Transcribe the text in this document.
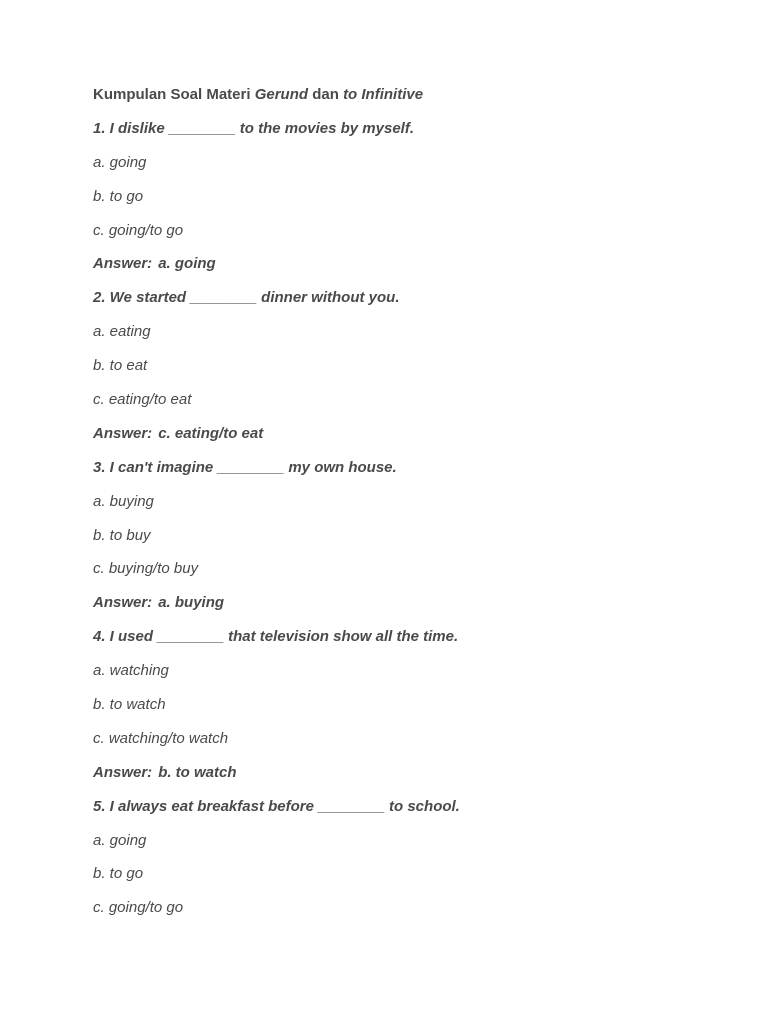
Kumpulan Soal Materi Gerund dan to Infinitive
1. I dislike ________ to the movies by myself.
a. going
b. to go
c. going/to go
Answer: a. going
2. We started ________ dinner without you.
a. eating
b. to eat
c. eating/to eat
Answer: c. eating/to eat
3. I can't imagine ________ my own house.
a. buying
b. to buy
c. buying/to buy
Answer: a. buying
4. I used ________ that television show all the time.
a. watching
b. to watch
c. watching/to watch
Answer: b. to watch
5. I always eat breakfast before ________ to school.
a. going
b. to go
c. going/to go
